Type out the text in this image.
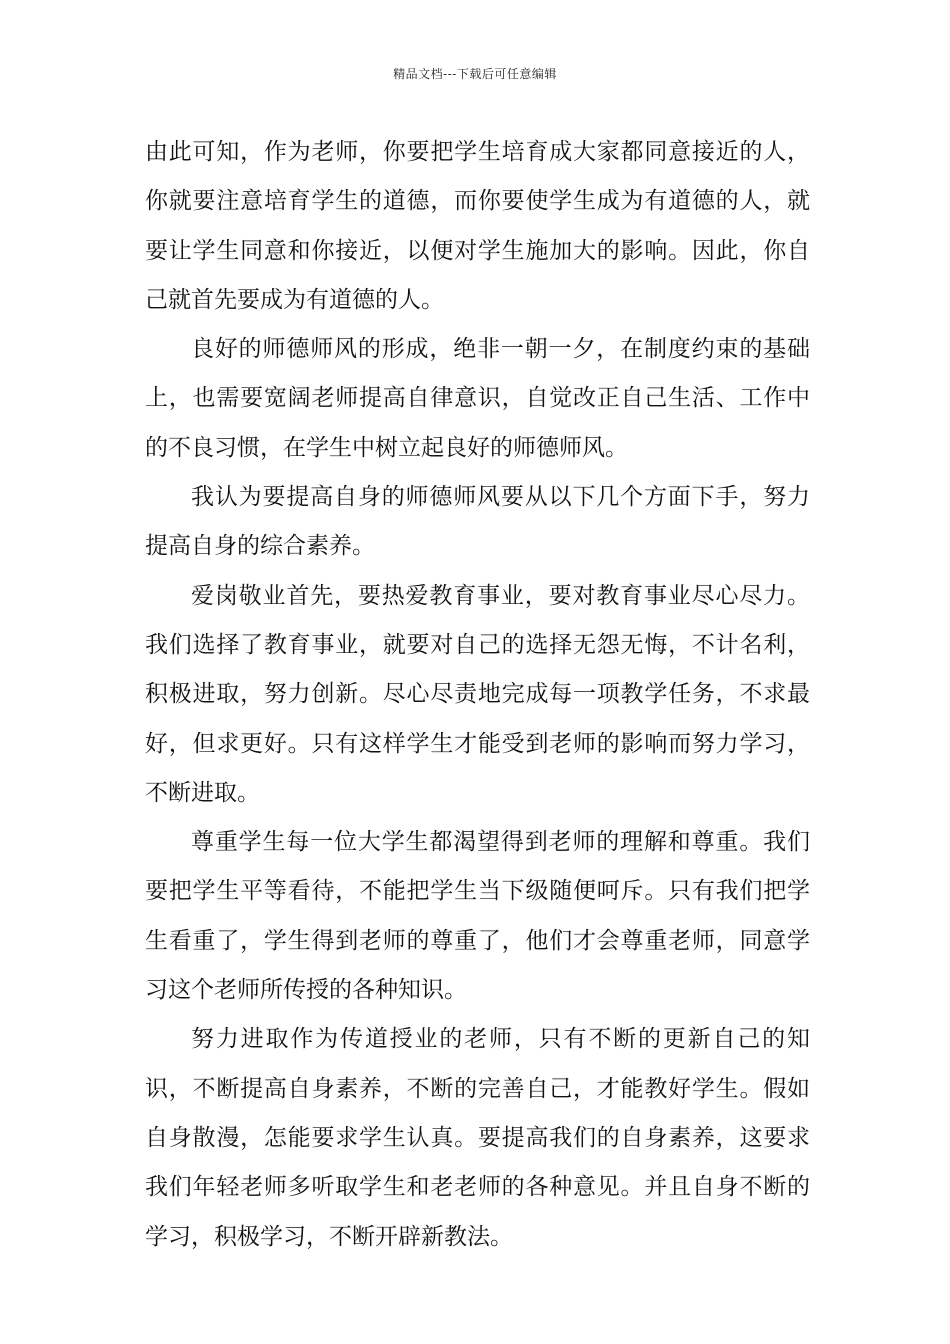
精品文档---下载后可任意编辑

由此可知，作为老师，你要把学生培育成大家都同意接近的人，你就要注意培育学生的道德，而你要使学生成为有道德的人，就要让学生同意和你接近，以便对学生施加大的影响。因此，你自己就首先要成为有道德的人。

良好的师德师风的形成，绝非一朝一夕，在制度约束的基础上，也需要宽阔老师提高自律意识，自觉改正自己生活、工作中的不良习惯，在学生中树立起良好的师德师风。

我认为要提高自身的师德师风要从以下几个方面下手，努力提高自身的综合素养。

爱岗敬业首先，要热爱教育事业，要对教育事业尽心尽力。我们选择了教育事业，就要对自己的选择无怨无悔，不计名利，积极进取，努力创新。尽心尽责地完成每一项教学任务，不求最好，但求更好。只有这样学生才能受到老师的影响而努力学习，不断进取。

尊重学生每一位大学生都渴望得到老师的理解和尊重。我们要把学生平等看待，不能把学生当下级随便呵斥。只有我们把学生看重了，学生得到老师的尊重了，他们才会尊重老师，同意学习这个老师所传授的各种知识。

努力进取作为传道授业的老师，只有不断的更新自己的知识，不断提高自身素养，不断的完善自己，才能教好学生。假如自身散漫，怎能要求学生认真。要提高我们的自身素养，这要求我们年轻老师多听取学生和老老师的各种意见。并且自身不断的学习，积极学习，不断开辟新教法。
